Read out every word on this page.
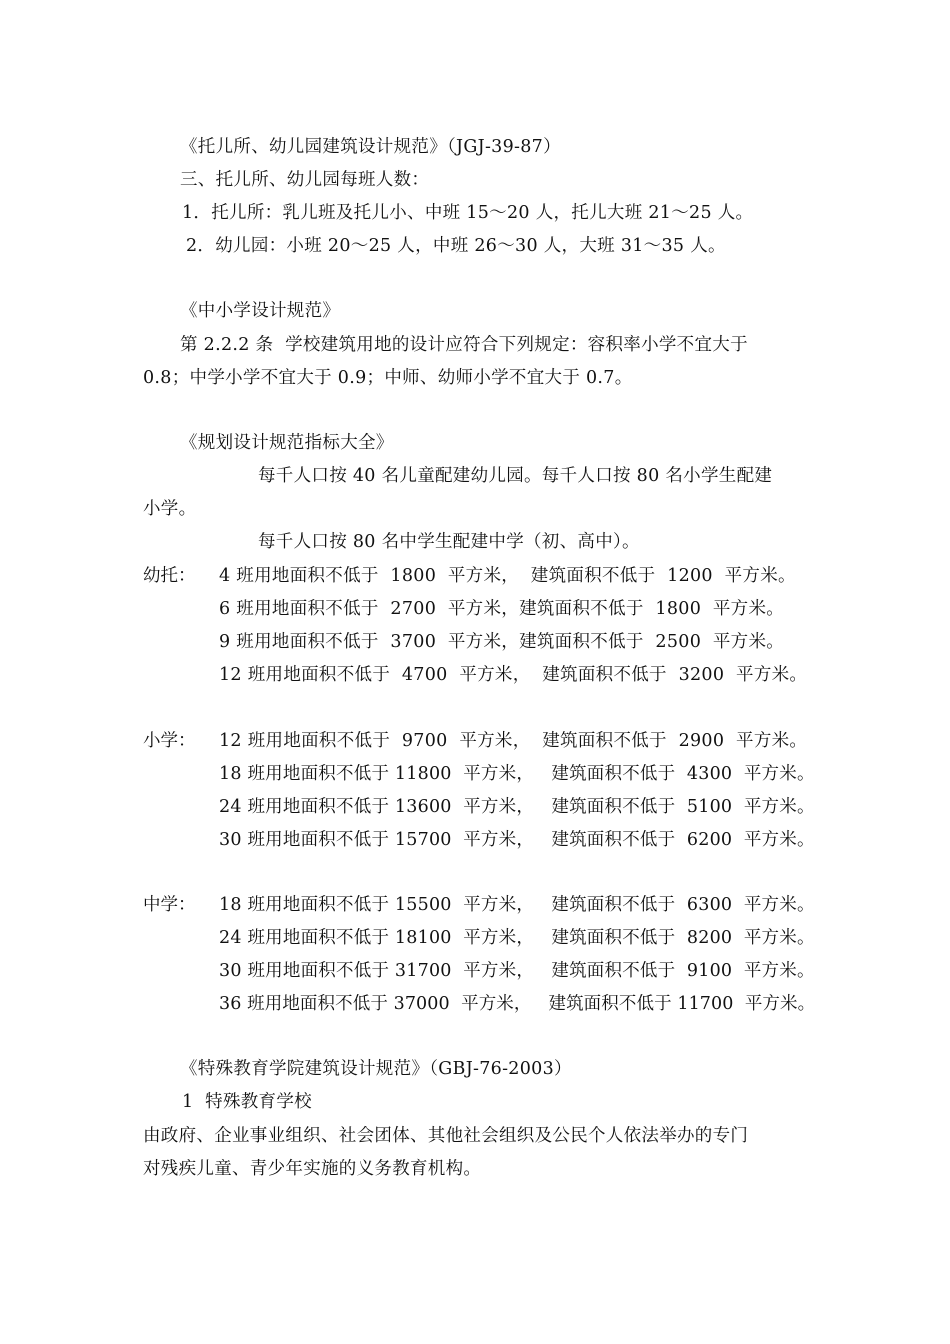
《托儿所、幼儿园建筑设计规范》（JGJ-39-87）
三、托儿所、幼儿园每班人数：
1．托儿所：乳儿班及托儿小、中班 15～20 人，托儿大班 21～25 人。
2．幼儿园：小班 20～25 人，中班 26～30 人，大班 31～35 人。
《中小学设计规范》
第 2.2.2 条  学校建筑用地的设计应符合下列规定：容积率小学不宜大于
0.8；中学小学不宜大于 0.9；中师、幼师小学不宜大于 0.7。
《规划设计规范指标大全》
每千人口按 40 名儿童配建幼儿园。每千人口按 80 名小学生配建
小学。
每千人口按 80 名中学生配建中学（初、高中）。
幼托： 4 班用地面积不低于  1800  平方米，  建筑面积不低于  1200  平方米。
6 班用地面积不低于  2700  平方米，建筑面积不低于  1800  平方米。
9 班用地面积不低于  3700  平方米，建筑面积不低于  2500  平方米。
12 班用地面积不低于  4700  平方米，  建筑面积不低于  3200  平方米。
小学： 12 班用地面积不低于  9700  平方米，  建筑面积不低于  2900  平方米。
18 班用地面积不低于 11800  平方米，   建筑面积不低于  4300  平方米。
24 班用地面积不低于 13600  平方米，   建筑面积不低于  5100  平方米。
30 班用地面积不低于 15700  平方米，   建筑面积不低于  6200  平方米。
中学： 18 班用地面积不低于 15500  平方米，   建筑面积不低于  6300  平方米。
24 班用地面积不低于 18100  平方米，   建筑面积不低于  8200  平方米。
30 班用地面积不低于 31700  平方米，   建筑面积不低于  9100  平方米。
36 班用地面积不低于 37000  平方米，   建筑面积不低于 11700  平方米。
《特殊教育学院建筑设计规范》（GBJ-76-2003）
1  特殊教育学校
由政府、企业事业组织、社会团体、其他社会组织及公民个人依法举办的专门
对残疾儿童、青少年实施的义务教育机构。
